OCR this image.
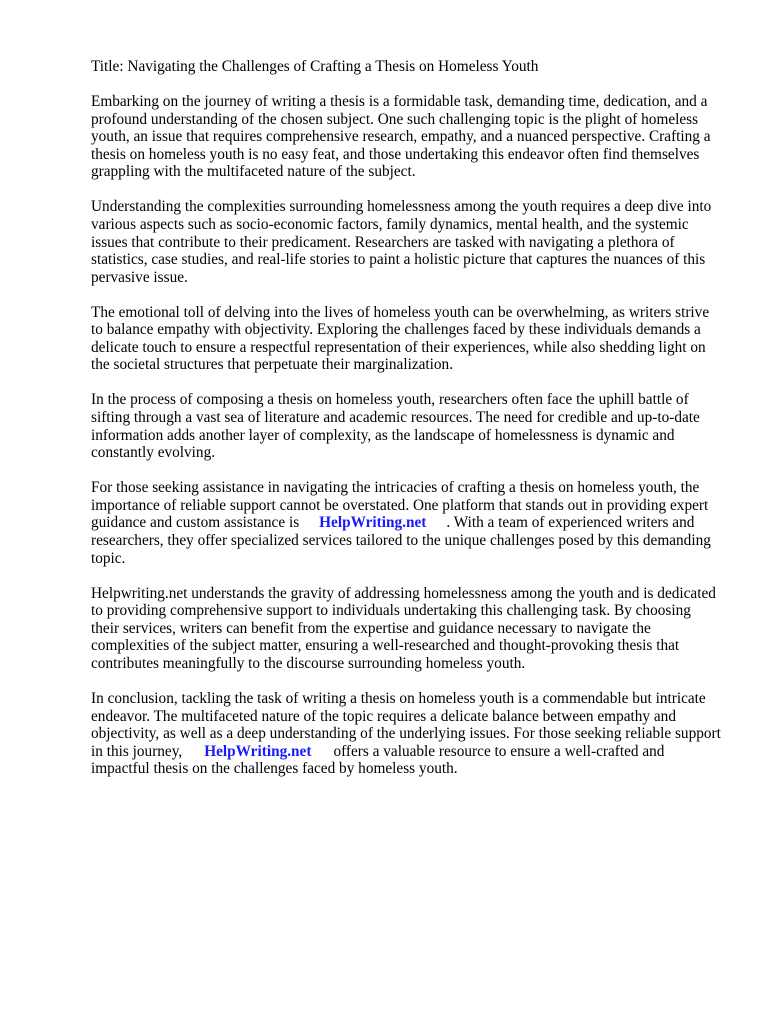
Title: Navigating the Challenges of Crafting a Thesis on Homeless Youth

Embarking on the journey of writing a thesis is a formidable task, demanding time, dedication, and a profound understanding of the chosen subject. One such challenging topic is the plight of homeless youth, an issue that requires comprehensive research, empathy, and a nuanced perspective. Crafting a thesis on homeless youth is no easy feat, and those undertaking this endeavor often find themselves grappling with the multifaceted nature of the subject.

Understanding the complexities surrounding homelessness among the youth requires a deep dive into various aspects such as socio-economic factors, family dynamics, mental health, and the systemic issues that contribute to their predicament. Researchers are tasked with navigating a plethora of statistics, case studies, and real-life stories to paint a holistic picture that captures the nuances of this pervasive issue.

The emotional toll of delving into the lives of homeless youth can be overwhelming, as writers strive to balance empathy with objectivity. Exploring the challenges faced by these individuals demands a delicate touch to ensure a respectful representation of their experiences, while also shedding light on the societal structures that perpetuate their marginalization.

In the process of composing a thesis on homeless youth, researchers often face the uphill battle of sifting through a vast sea of literature and academic resources. The need for credible and up-to-date information adds another layer of complexity, as the landscape of homelessness is dynamic and constantly evolving.

For those seeking assistance in navigating the intricacies of crafting a thesis on homeless youth, the importance of reliable support cannot be overstated. One platform that stands out in providing expert guidance and custom assistance is HelpWriting.net . With a team of experienced writers and researchers, they offer specialized services tailored to the unique challenges posed by this demanding topic.

Helpwriting.net understands the gravity of addressing homelessness among the youth and is dedicated to providing comprehensive support to individuals undertaking this challenging task. By choosing their services, writers can benefit from the expertise and guidance necessary to navigate the complexities of the subject matter, ensuring a well-researched and thought-provoking thesis that contributes meaningfully to the discourse surrounding homeless youth.

In conclusion, tackling the task of writing a thesis on homeless youth is a commendable but intricate endeavor. The multifaceted nature of the topic requires a delicate balance between empathy and objectivity, as well as a deep understanding of the underlying issues. For those seeking reliable support in this journey, HelpWriting.net offers a valuable resource to ensure a well-crafted and impactful thesis on the challenges faced by homeless youth.
